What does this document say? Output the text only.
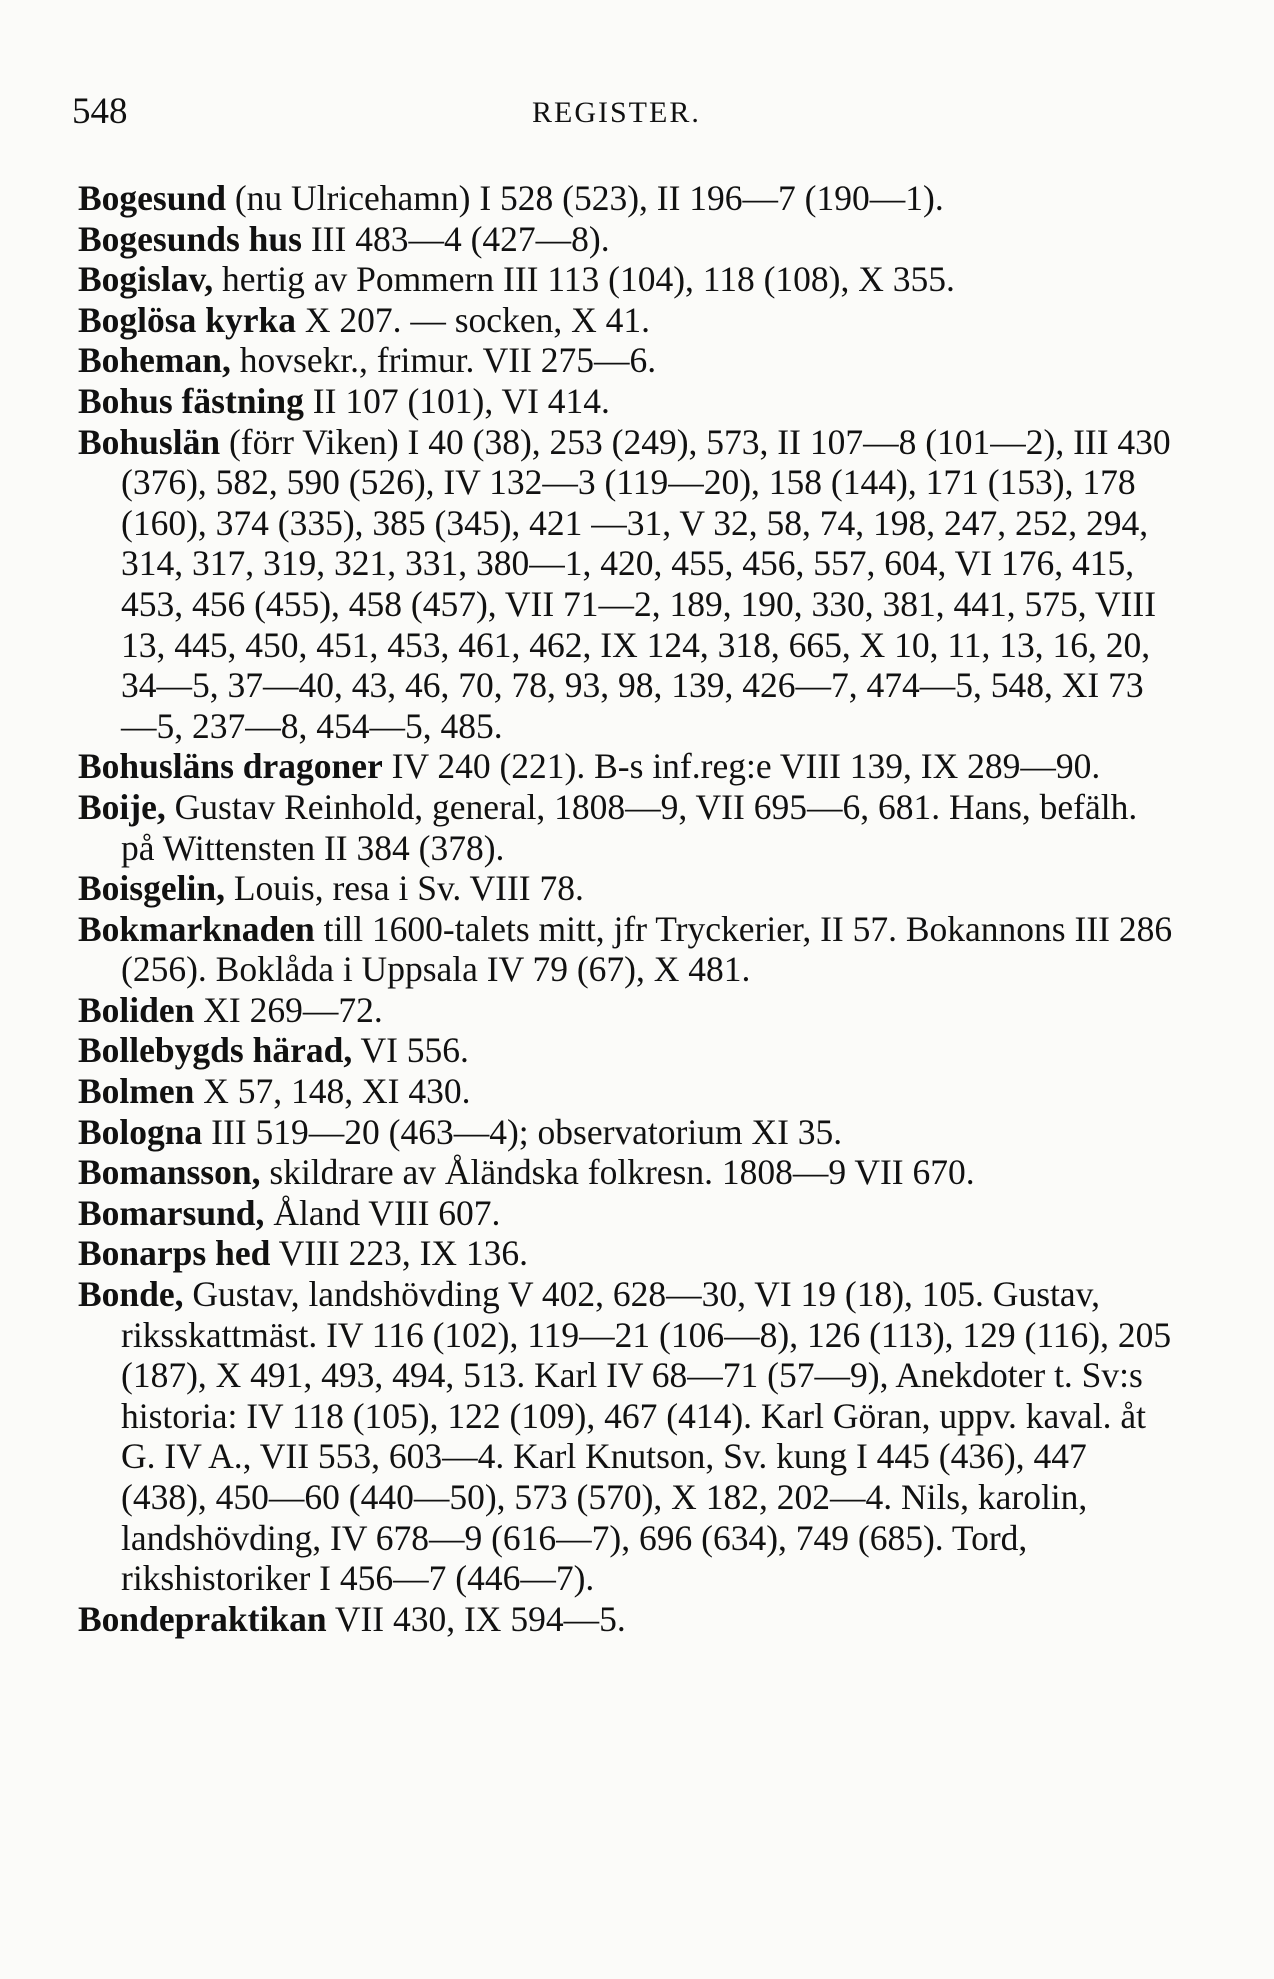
548	REGISTER.
Bogesund (nu Ulricehamn) I 528 (523), II 196—7 (190—1).
Bogesunds hus III 483—4 (427—8).
Bogislav, hertig av Pommern III 113 (104), 118 (108), X 355.
Boglösa kyrka X 207. — socken, X 41.
Boheman, hovsekr., frimur. VII 275—6.
Bohus fästning II 107 (101), VI 414.
Bohuslän (förr Viken) I 40 (38), 253 (249), 573, II 107—8 (101—2), III 430 (376), 582, 590 (526), IV 132—3 (119—20), 158 (144), 171 (153), 178 (160), 374 (335), 385 (345), 421 —31, V 32, 58, 74, 198, 247, 252, 294, 314, 317, 319, 321, 331, 380—1, 420, 455, 456, 557, 604, VI 176, 415, 453, 456 (455), 458 (457), VII 71—2, 189, 190, 330, 381, 441, 575, VIII 13, 445, 450, 451, 453, 461, 462, IX 124, 318, 665, X 10, 11, 13, 16, 20, 34—5, 37—40, 43, 46, 70, 78, 93, 98, 139, 426—7, 474—5, 548, XI 73—5, 237—8, 454—5, 485.
Bohusläns dragoner IV 240 (221). B-s inf.reg:e VIII 139, IX 289—90.
Boije, Gustav Reinhold, general, 1808—9, VII 695—6, 681. Hans, befälh. på Wittensten II 384 (378).
Boisgelin, Louis, resa i Sv. VIII 78.
Bokmarknaden till 1600-talets mitt, jfr Tryckerier, II 57. Bokannons III 286 (256). Boklåda i Uppsala IV 79 (67), X 481.
Boliden XI 269—72.
Bollebygds härad, VI 556.
Bolmen X 57, 148, XI 430.
Bologna III 519—20 (463—4); observatorium XI 35.
Bomansson, skildrare av Åländska folkresn. 1808—9 VII 670.
Bomarsund, Åland VIII 607.
Bonarps hed VIII 223, IX 136.
Bonde, Gustav, landshövding V 402, 628—30, VI 19 (18), 105. Gustav, riksskattmäst. IV 116 (102), 119—21 (106—8), 126 (113), 129 (116), 205 (187), X 491, 493, 494, 513. Karl IV 68—71 (57—9), Anekdoter t. Sv:s historia: IV 118 (105), 122 (109), 467 (414). Karl Göran, uppv. kaval. åt G. IV A., VII 553, 603—4. Karl Knutson, Sv. kung I 445 (436), 447 (438), 450—60 (440—50), 573 (570), X 182, 202—4. Nils, karolin, landshövding, IV 678—9 (616—7), 696 (634), 749 (685). Tord, rikshistoriker I 456—7 (446—7).
Bondepraktikan VII 430, IX 594—5.
